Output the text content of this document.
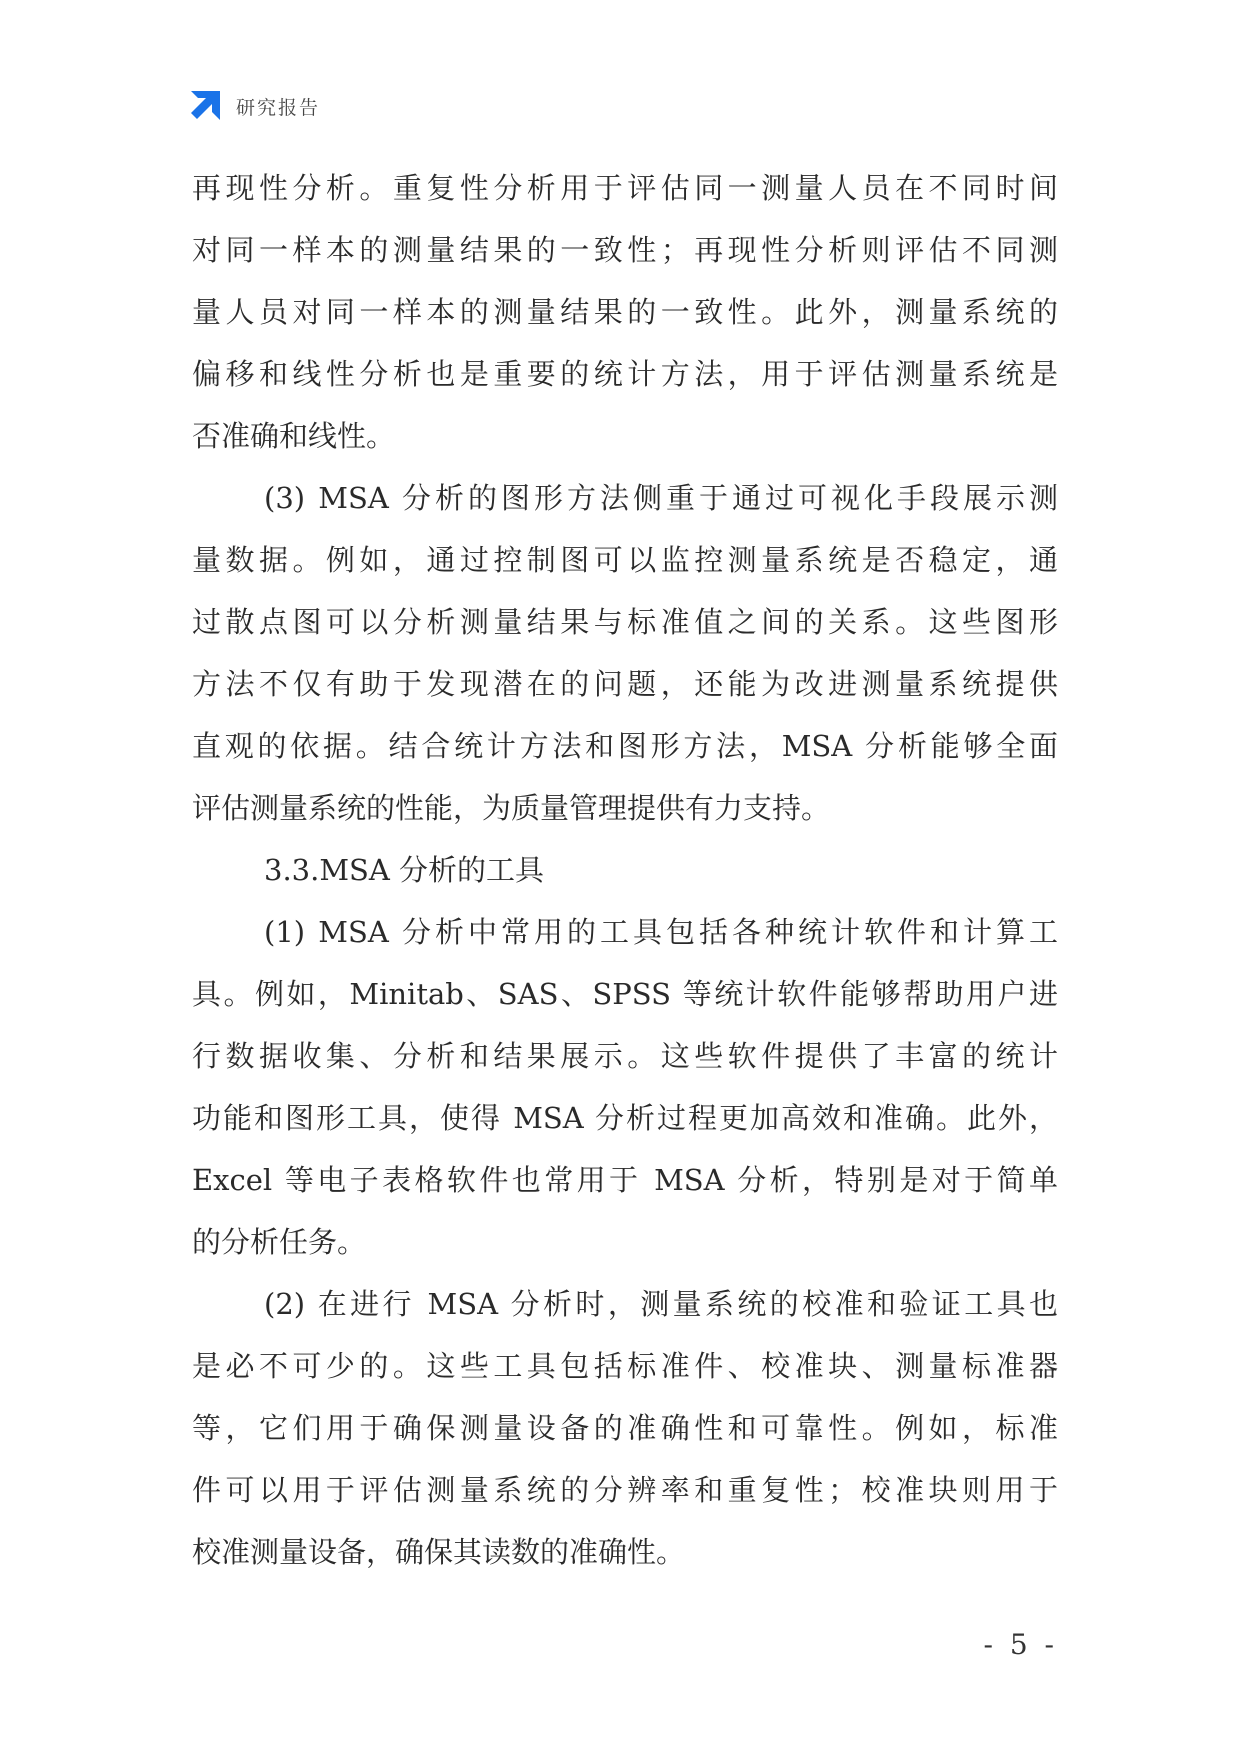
研究报告
再现性分析。重复性分析用于评估同一测量人员在不同时间
对同一样本的测量结果的一致性；再现性分析则评估不同测
量人员对同一样本的测量结果的一致性。此外，测量系统的
偏移和线性分析也是重要的统计方法，用于评估测量系统是
否准确和线性。
(3) MSA 分析的图形方法侧重于通过可视化手段展示测
量数据。例如，通过控制图可以监控测量系统是否稳定，通
过散点图可以分析测量结果与标准值之间的关系。这些图形
方法不仅有助于发现潜在的问题，还能为改进测量系统提供
直观的依据。结合统计方法和图形方法，MSA 分析能够全面
评估测量系统的性能，为质量管理提供有力支持。
3.3.MSA 分析的工具
(1) MSA 分析中常用的工具包括各种统计软件和计算工
具。例如，Minitab、SAS、SPSS 等统计软件能够帮助用户进
行数据收集、分析和结果展示。这些软件提供了丰富的统计
功能和图形工具，使得 MSA 分析过程更加高效和准确。此外，
Excel 等电子表格软件也常用于 MSA 分析，特别是对于简单
的分析任务。
(2) 在进行 MSA 分析时，测量系统的校准和验证工具也
是必不可少的。这些工具包括标准件、校准块、测量标准器
等，它们用于确保测量设备的准确性和可靠性。例如，标准
件可以用于评估测量系统的分辨率和重复性；校准块则用于
校准测量设备，确保其读数的准确性。
- 5 -
